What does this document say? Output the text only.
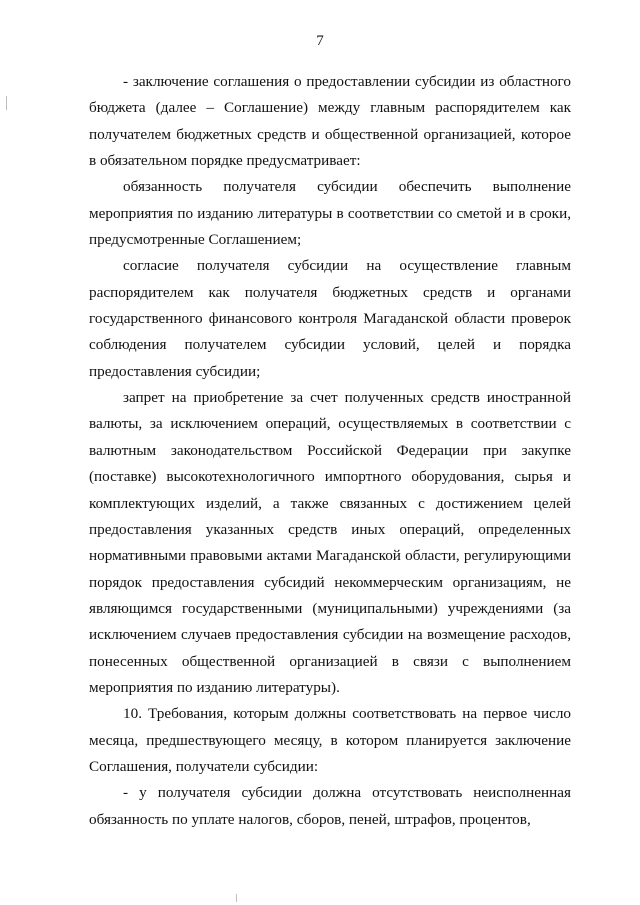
7

- заключение соглашения о предоставлении субсидии из областного бюджета (далее – Соглашение) между главным распорядителем как получателем бюджетных средств и общественной организацией, которое в обязательном порядке предусматривает:

обязанность получателя субсидии обеспечить выполнение мероприятия по изданию литературы в соответствии со сметой и в сроки, предусмотренные Соглашением;

согласие получателя субсидии на осуществление главным распорядителем как получателя бюджетных средств и органами государственного финансового контроля Магаданской области проверок соблюдения получателем субсидии условий, целей и порядка предоставления субсидии;

запрет на приобретение за счет полученных средств иностранной валюты, за исключением операций, осуществляемых в соответствии с валютным законодательством Российской Федерации при закупке (поставке) высокотехнологичного импортного оборудования, сырья и комплектующих изделий, а также связанных с достижением целей предоставления указанных средств иных операций, определенных нормативными правовыми актами Магаданской области, регулирующими порядок предоставления субсидий некоммерческим организациям, не являющимся государственными (муниципальными) учреждениями (за исключением случаев предоставления субсидии на возмещение расходов, понесенных общественной организацией в связи с выполнением мероприятия по изданию литературы).

10. Требования, которым должны соответствовать на первое число месяца, предшествующего месяцу, в котором планируется заключение Соглашения, получатели субсидии:

- у получателя субсидии должна отсутствовать неисполненная обязанность по уплате налогов, сборов, пеней, штрафов, процентов,
